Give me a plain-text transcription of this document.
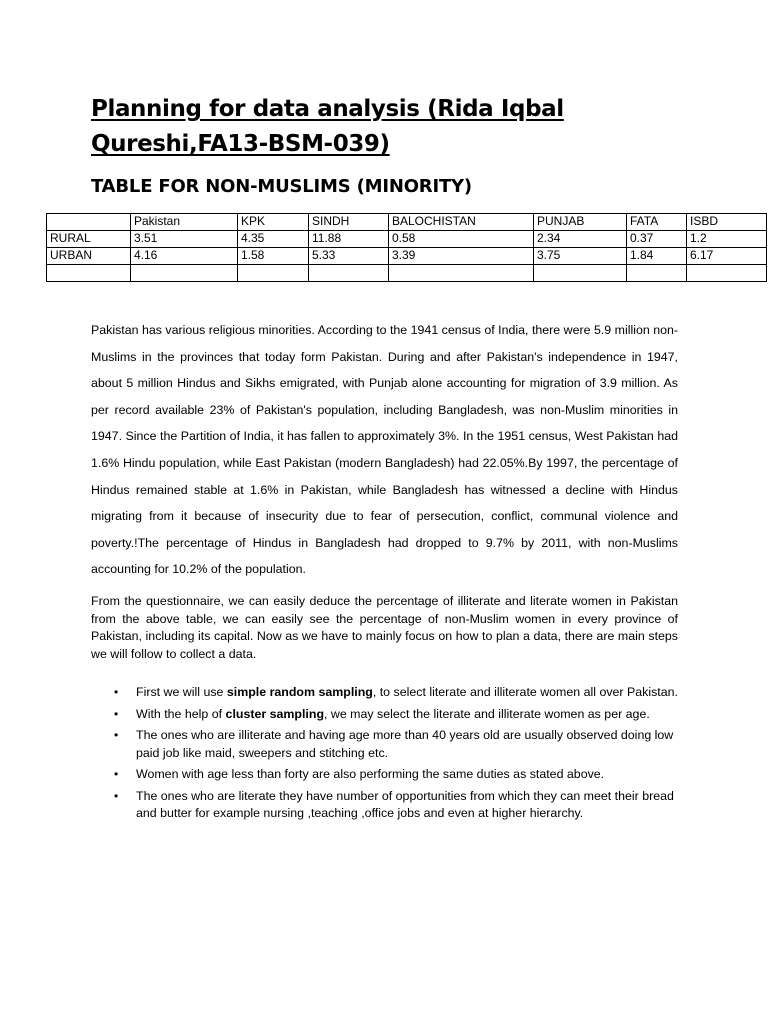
Planning for data analysis (Rida Iqbal Qureshi,FA13-BSM-039)
TABLE FOR NON-MUSLIMS (MINORITY)
	Pakistan	KPK	SINDH	BALOCHISTAN	PUNJAB	FATA	ISBD
RURAL	3.51	4.35	11.88	0.58	2.34	0.37	1.2
URBAN	4.16	1.58	5.33	3.39	3.75	1.84	6.17

Pakistan has various religious minorities. According to the 1941 census of India, there were 5.9 million non-Muslims in the provinces that today form Pakistan. During and after Pakistan's independence in 1947, about 5 million Hindus and Sikhs emigrated, with Punjab alone accounting for migration of 3.9 million. As per record available 23% of Pakistan's population, including Bangladesh, was non-Muslim minorities in 1947. Since the Partition of India, it has fallen to approximately 3%. In the 1951 census, West Pakistan had 1.6% Hindu population, while East Pakistan (modern Bangladesh) had 22.05%.By 1997, the percentage of Hindus remained stable at 1.6% in Pakistan, while Bangladesh has witnessed a decline with Hindus migrating from it because of insecurity due to fear of persecution, conflict, communal violence and poverty.!The percentage of Hindus in Bangladesh had dropped to 9.7% by 2011, with non-Muslims accounting for 10.2% of the population.

From the questionnaire, we can easily deduce the percentage of illiterate and literate women in Pakistan from the above table, we can easily see the percentage of non-Muslim women in every province of Pakistan, including its capital. Now as we have to mainly focus on how to plan a data, there are main steps we will follow to collect a data.

• First we will use simple random sampling, to select literate and illiterate women all over Pakistan.
• With the help of cluster sampling, we may select the literate and illiterate women as per age.
• The ones who are illiterate and having age more than 40 years old are usually observed doing low paid job like maid, sweepers and stitching etc.
• Women with age less than forty are also performing the same duties as stated above.
• The ones who are literate they have number of opportunities from which they can meet their bread and butter for example nursing ,teaching ,office jobs and even at higher hierarchy.
